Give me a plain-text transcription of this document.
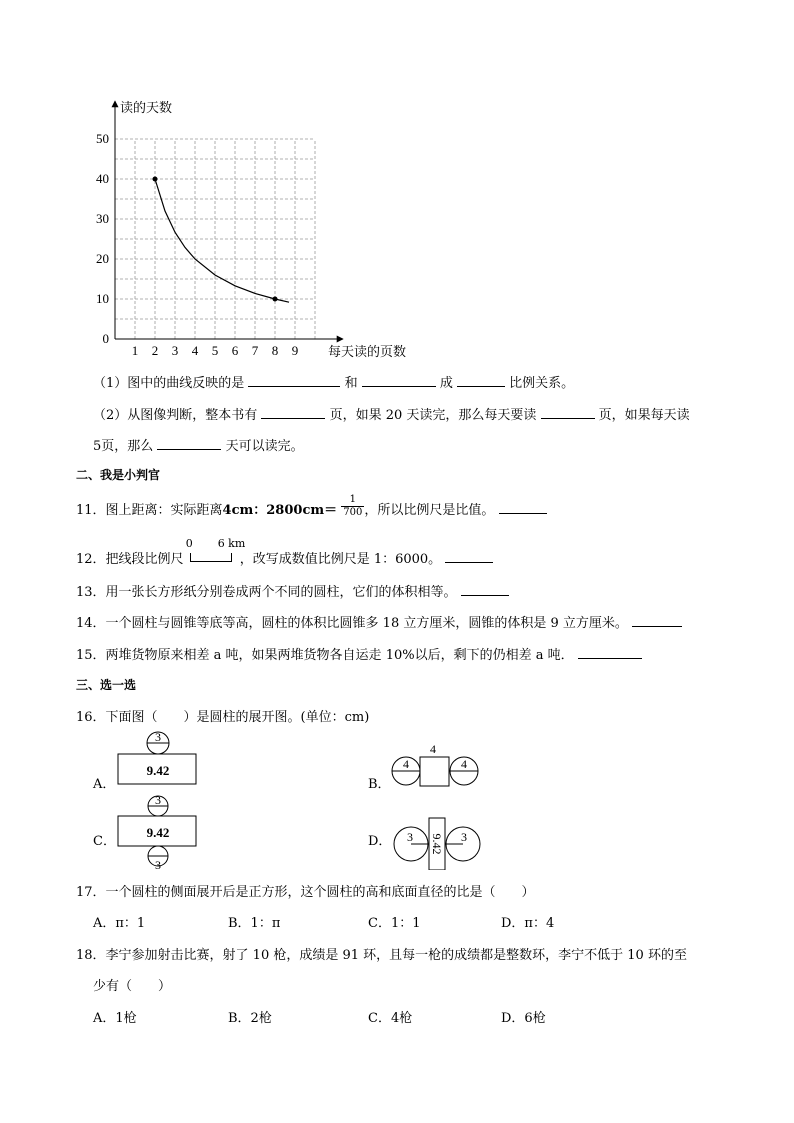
1 2 3 4 5 6 7 8 9
0
10
20
30
40
50
读的天数
每天读的页数
（1）图中的曲线反映的是	和	成	比例关系。
（2）从图像判断，整本书有	页，如果 20 天读完，那么每天要读	页，如果每天读
5页，那么	天可以读完。
二、我是小判官
11．图上距离：实际距离4cm：$2800cm= \frac{1}{700}$ ，所以比例尺是比值。
12．把线段比例尺
0 6 km
，改写成数值比例尺是 1：6000。
13．用一张长方形纸分别卷成两个不同的圆柱，它们的体积相等。
14．一个圆柱与圆锥等底等高，圆柱的体积比圆锥多 18 立方厘米，圆锥的体积是 9 立方厘米。
15．两堆货物原来相差 a 吨，如果两堆货物各自运走 10%以后，剩下的仍相差 a 吨．
三、选一选
16．下面图（　　）是圆柱的展开图。(单位：cm)
A．
3
9.42
B．
4
4	4
C．
3
9.42
3
D． 3 9.42 3
17．一个圆柱的侧面展开后是正方形，这个圆柱的高和底面直径的比是（　　）
A．π：1	B．1：π	C．1：1	D．π：4
18．李宁参加射击比赛，射了 10 枪，成绩是 91 环，且每一枪的成绩都是整数环，李宁不低于 10 环的至
少有（　　）
A．1枪	B．2枪	C．4枪	D．6枪
